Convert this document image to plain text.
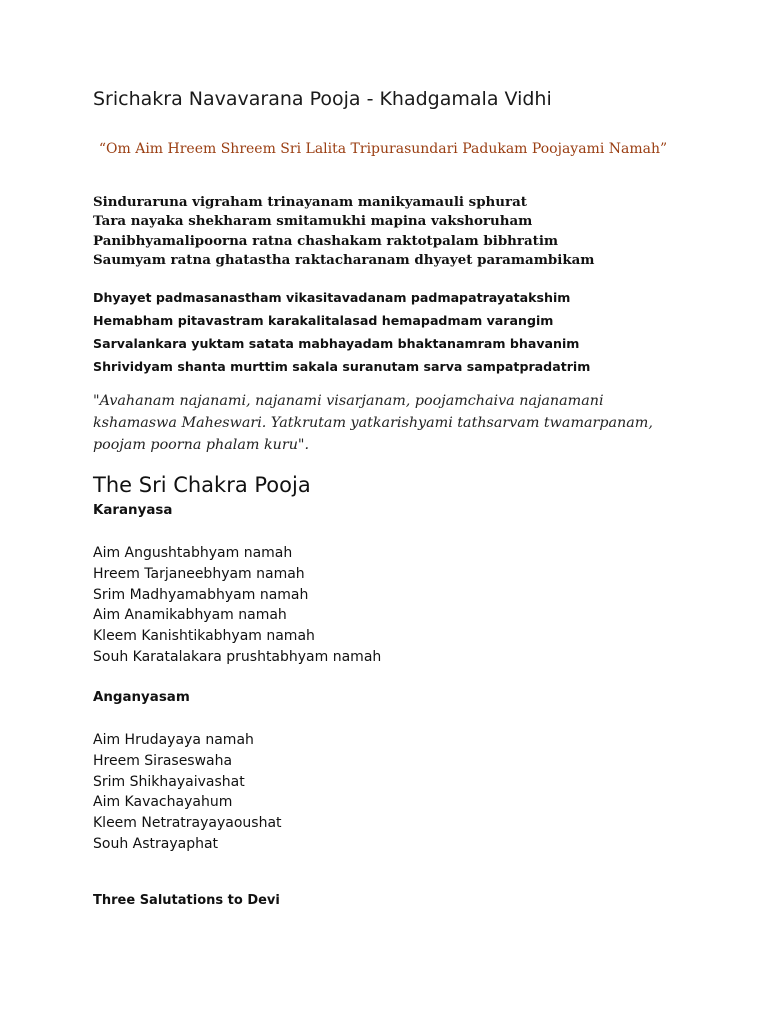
Srichakra Navavarana Pooja - Khadgamala Vidhi
“Om Aim Hreem Shreem Sri Lalita Tripurasundari Padukam Poojayami Namah”
Sinduraruna vigraham trinayanam manikyamauli sphurat
Tara nayaka shekharam smitamukhi mapina vakshoruham
Panibhyamalipoorna ratna chashakam raktotpalam bibhratim
Saumyam ratna ghatastha raktacharanam dhyayet paramambikam
Dhyayet padmasanastham vikasitavadanam padmapatrayatakshim
Hemabham pitavastram karakalitalasad hemapadmam varangim
Sarvalankara yuktam satata mabhayadam bhaktanamram bhavanim
Shrividyam shanta murttim sakala suranutam sarva sampatpradatrim
"Avahanam najanami, najanami visarjanam, poojamchaiva najanamani kshamaswa Maheswari. Yatkrutam yatkarishyami tathsarvam twamarpanam, poojam poorna phalam kuru".
The Sri Chakra Pooja
Karanyasa
Aim Angushtabhyam namah
Hreem Tarjaneebhyam namah
Srim Madhyamabhyam namah
Aim Anamikabhyam namah
Kleem Kanishtikabhyam namah
Souh Karatalakara prushtabhyam namah
Anganyasam
Aim Hrudayaya namah
Hreem Siraseswaha
Srim Shikhayaivashat
Aim Kavachayahum
Kleem Netratrayayaoushat
Souh Astrayaphat
Three Salutations to Devi
